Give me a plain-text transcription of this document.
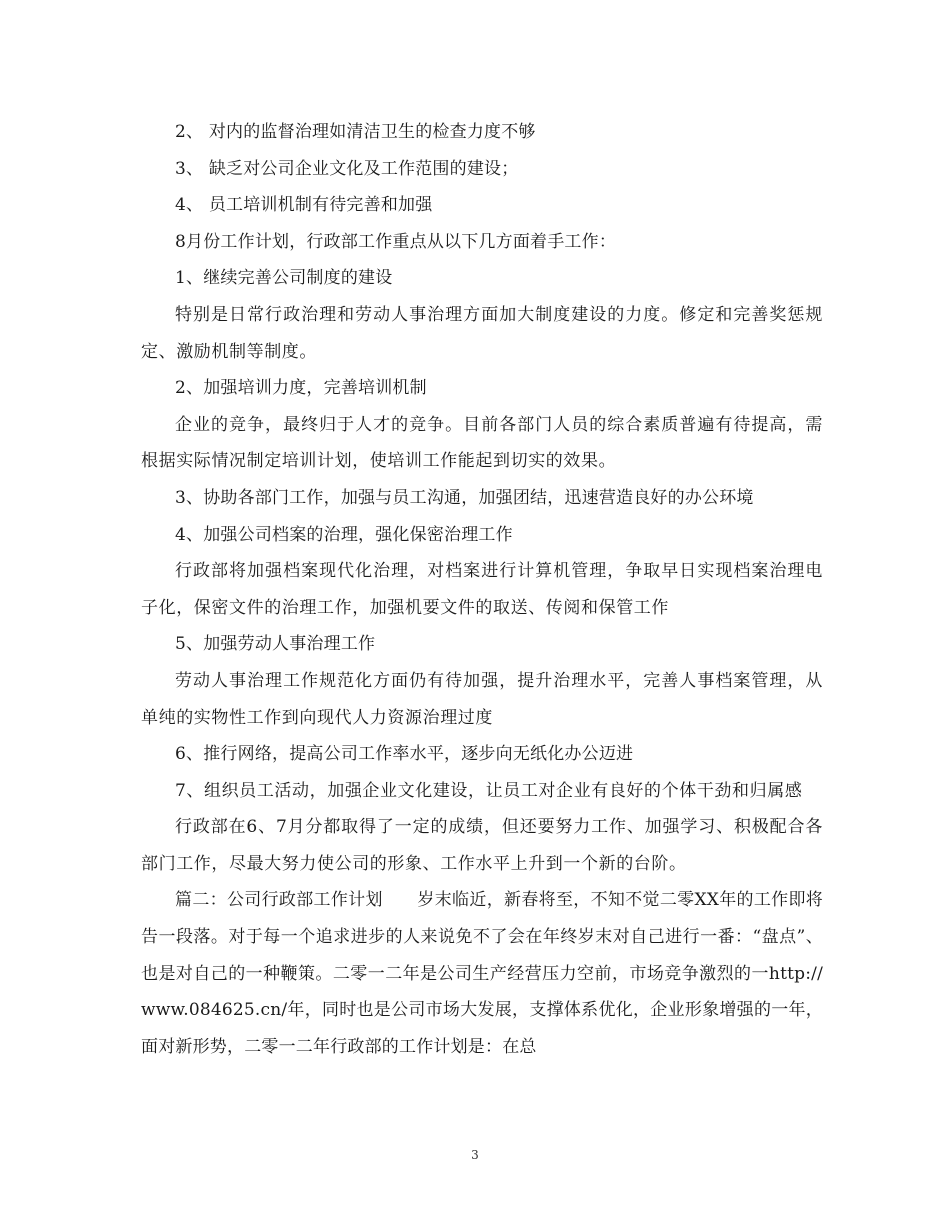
2、 对内的监督治理如清洁卫生的检查力度不够

3、 缺乏对公司企业文化及工作范围的建设；

4、 员工培训机制有待完善和加强

8月份工作计划，行政部工作重点从以下几方面着手工作：

1、继续完善公司制度的建设

特别是日常行政治理和劳动人事治理方面加大制度建设的力度。修定和完善奖惩规定、激励机制等制度。

2、加强培训力度，完善培训机制

企业的竞争，最终归于人才的竞争。目前各部门人员的综合素质普遍有待提高，需根据实际情况制定培训计划，使培训工作能起到切实的效果。

3、协助各部门工作，加强与员工沟通，加强团结，迅速营造良好的办公环境

4、加强公司档案的治理，强化保密治理工作

行政部将加强档案现代化治理，对档案进行计算机管理，争取早日实现档案治理电子化，保密文件的治理工作，加强机要文件的取送、传阅和保管工作

5、加强劳动人事治理工作

劳动人事治理工作规范化方面仍有待加强，提升治理水平，完善人事档案管理，从单纯的实物性工作到向现代人力资源治理过度

6、推行网络，提高公司工作率水平，逐步向无纸化办公迈进

7、组织员工活动，加强企业文化建设，让员工对企业有良好的个体干劲和归属感

行政部在6、7月分都取得了一定的成绩，但还要努力工作、加强学习、积极配合各部门工作，尽最大努力使公司的形象、工作水平上升到一个新的台阶。

篇二：公司行政部工作计划　　岁末临近，新春将至，不知不觉二零XX年的工作即将告一段落。对于每一个追求进步的人来说免不了会在年终岁末对自己进行一番：“盘点”、也是对自己的一种鞭策。二零一二年是公司生产经营压力空前，市场竞争激烈的一http://www.084625.cn/年，同时也是公司市场大发展，支撑体系优化，企业形象增强的一年，面对新形势，二零一二年行政部的工作计划是：在总

3
